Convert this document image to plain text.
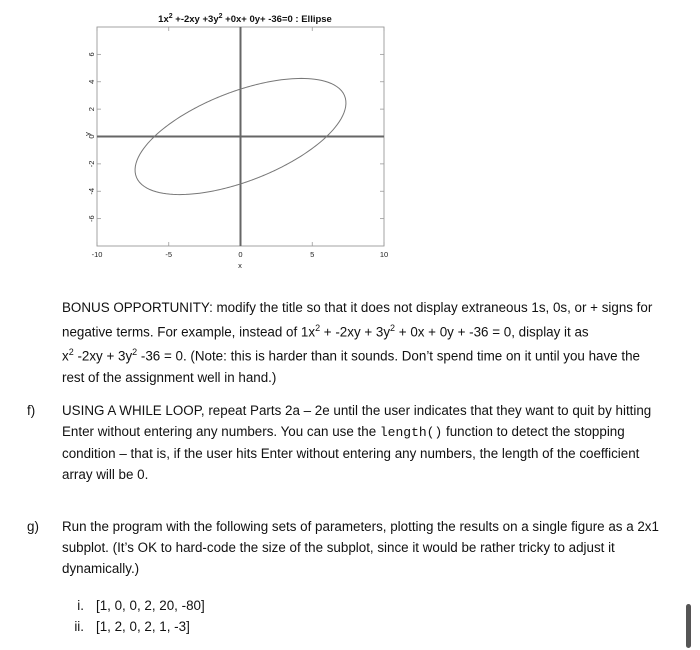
$1x^2 +-2xy +3y^2 +0x+ 0y+ -36=0$ : Ellipse
6
4
2
0
-2
-4
-6
-10	-5	0	5	10
y
x

BONUS OPPORTUNITY: modify the title so that it does not display extraneous 1s, 0s, or + signs for
negative terms. For example, instead of $1x^2 + -2xy + 3y^2 + 0x + 0y + -36 = 0$, display it as
$x^2$ $-2xy + 3y^2$ -36 = 0. (Note: this is harder than it sounds. Don’t spend time on it until you have the
rest of the assignment well in hand.)

f) USING A WHILE LOOP, repeat Parts 2a – 2e until the user indicates that they want to quit by hitting
Enter without entering any numbers. You can use the length() function to detect the stopping
condition – that is, if the user hits Enter without entering any numbers, the length of the coefficient
array will be 0.

g) Run the program with the following sets of parameters, plotting the results on a single figure as a 2x1
subplot. (It’s OK to hard-code the size of the subplot, since it would be rather tricky to adjust it
dynamically.)

i. [1, 0, 0, 2, 20, -80]
ii. [1, 2, 0, 2, 1, -3]
